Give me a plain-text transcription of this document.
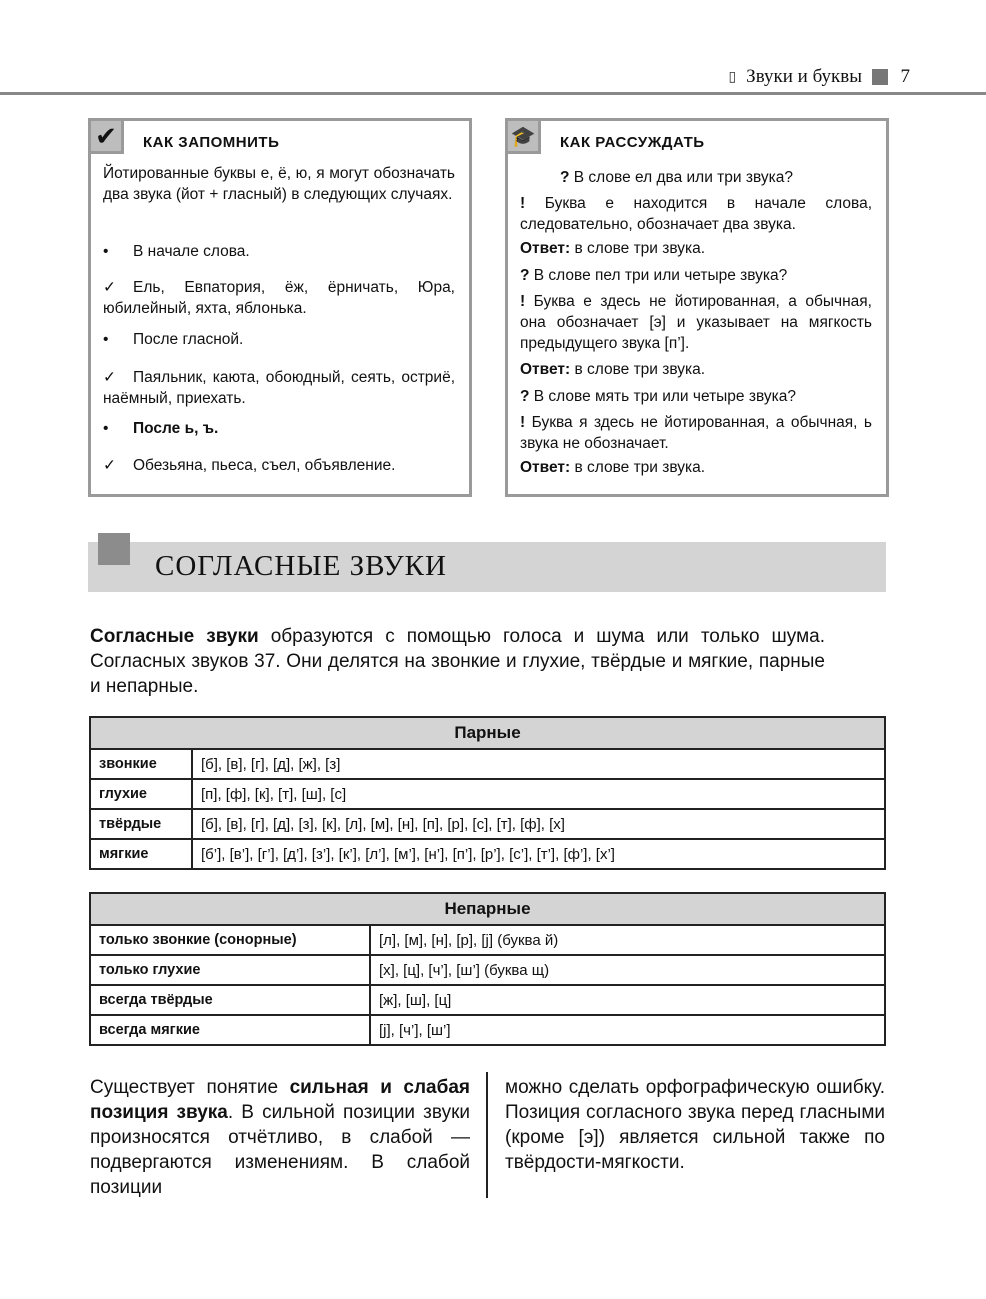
▯ Звуки и буквы 7
✔	КАК ЗАПОМНИТЬ
Йотированные буквы е, ё, ю, я могут обозначать два звука (йот + гласный) в следующих случаях.
• В начале слова.
✓ Ель, Евпатория, ёж, ёрничать, Юра, юбилейный, яхта, яблонька.
• После гласной.
✓ Паяльник, каюта, обоюдный, сеять, остриё, наёмный, приехать.
• После ь, ъ.
✓ Обезьяна, пьеса, съел, объявление.
🎓	КАК РАССУЖДАТЬ
? В слове ел два или три звука?
! Буква е находится в начале слова, следовательно, обозначает два звука.
Ответ: в слове три звука.
? В слове пел три или четыре звука?
! Буква е здесь не йотированная, а обычная, она обозначает [э] и указывает на мягкость предыдущего звука [п’].
Ответ: в слове три звука.
? В слове мять три или четыре звука?
! Буква я здесь не йотированная, а обычная, ь звука не обозначает.
Ответ: в слове три звука.
СОГЛАСНЫЕ ЗВУКИ
Согласные звуки образуются с помощью голоса и шума или только шума. Согласных звуков 37. Они делятся на звонкие и глухие, твёрдые и мягкие, парные и непарные.
Парные	
звонкие	[б], [в], [г], [д], [ж], [з]
глухие	[п], [ф], [к], [т], [ш], [с]
твёрдые	[б], [в], [г], [д], [з], [к], [л], [м], [н], [п], [р], [с], [т], [ф], [х]
мягкие	[б’], [в’], [г’], [д’], [з’], [к’], [л’], [м’], [н’], [п’], [р’], [с’], [т’], [ф’], [х’]
Непарные	
только звонкие (сонорные)	[л], [м], [н], [р], [j] (буква й)
только глухие	[х], [ц], [ч’], [ш’] (буква щ)
всегда твёрдые	[ж], [ш], [ц]
всегда мягкие	[j], [ч’], [ш’]
Существует понятие сильная и слабая позиция звука. В сильной позиции звуки произносятся отчётливо, в слабой — подвергаются изменениям. В слабой позиции
можно сделать орфографическую ошибку. Позиция согласного звука перед гласными (кроме [э]) является сильной также по твёрдости-мягкости.
